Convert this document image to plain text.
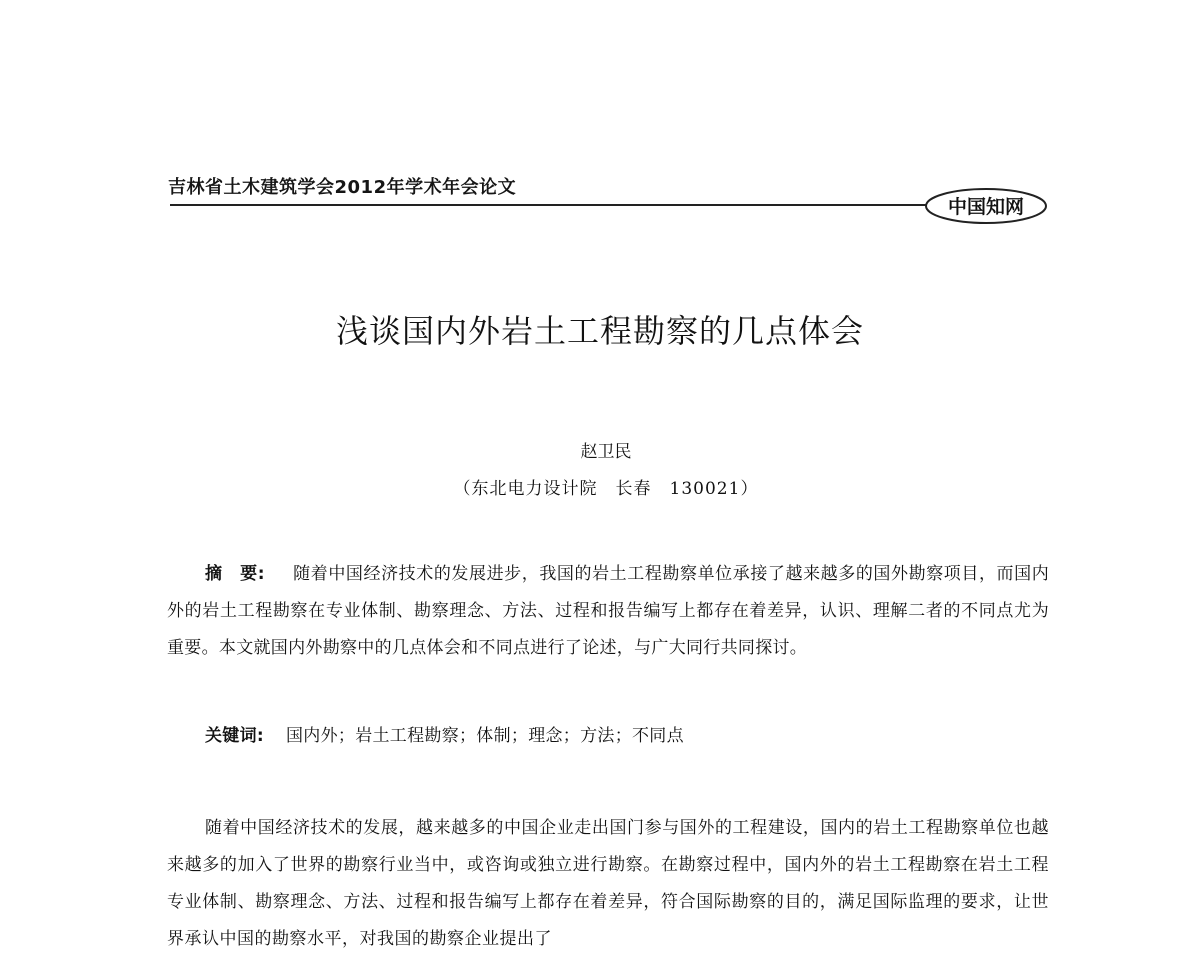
吉林省土木建筑学会2012年学术年会论文
中国知网
浅谈国内外岩土工程勘察的几点体会
赵卫民
（东北电力设计院　长春　130021）

摘　要: 随着中国经济技术的发展进步，我国的岩土工程勘察单位承接了越来越多的国外勘察项目，而国内外的岩土工程勘察在专业体制、勘察理念、方法、过程和报告编写上都存在着差异，认识、理解二者的不同点尤为重要。本文就国内外勘察中的几点体会和不同点进行了论述，与广大同行共同探讨。

关键词: 国内外；岩土工程勘察；体制；理念；方法；不同点

随着中国经济技术的发展，越来越多的中国企业走出国门参与国外的工程建设，国内的岩土工程勘察单位也越来越多的加入了世界的勘察行业当中，或咨询或独立进行勘察。在勘察过程中，国内外的岩土工程勘察在岩土工程专业体制、勘察理念、方法、过程和报告编写上都存在着差异，符合国际勘察的目的，满足国际监理的要求，让世界承认中国的勘察水平，对我国的勘察企业提出了
